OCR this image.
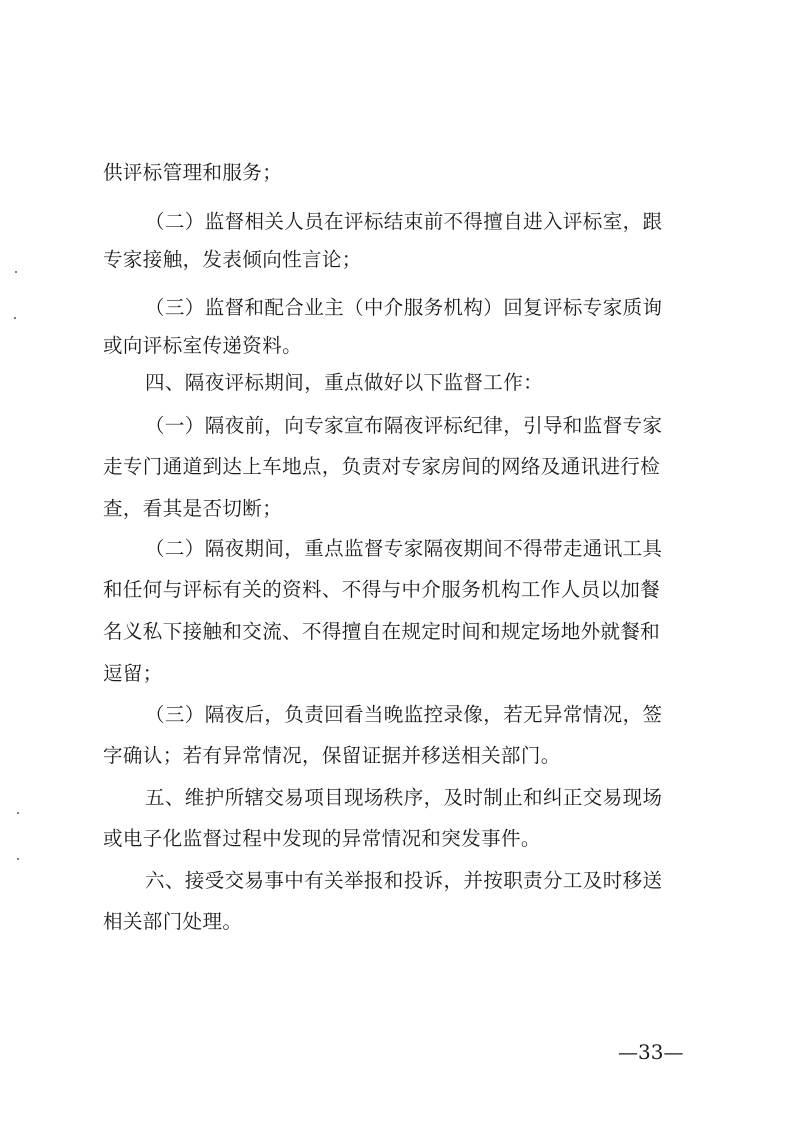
供评标管理和服务；
（二）监督相关人员在评标结束前不得擅自进入评标室，跟
专家接触，发表倾向性言论；
（三）监督和配合业主（中介服务机构）回复评标专家质询
或向评标室传递资料。
四、隔夜评标期间，重点做好以下监督工作：
（一）隔夜前，向专家宣布隔夜评标纪律，引导和监督专家
走专门通道到达上车地点，负责对专家房间的网络及通讯进行检
查，看其是否切断；
（二）隔夜期间，重点监督专家隔夜期间不得带走通讯工具
和任何与评标有关的资料、不得与中介服务机构工作人员以加餐
名义私下接触和交流、不得擅自在规定时间和规定场地外就餐和
逗留；
（三）隔夜后，负责回看当晚监控录像，若无异常情况，签
字确认；若有异常情况，保留证据并移送相关部门。
五、维护所辖交易项目现场秩序，及时制止和纠正交易现场
或电子化监督过程中发现的异常情况和突发事件。
六、接受交易事中有关举报和投诉，并按职责分工及时移送
相关部门处理。
—33—
